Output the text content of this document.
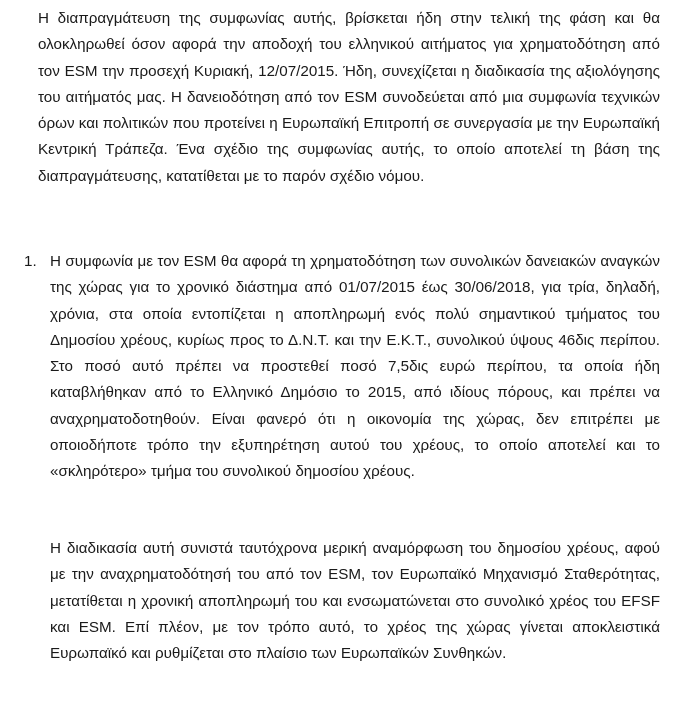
Η διαπραγμάτευση της συμφωνίας αυτής, βρίσκεται ήδη στην τελική της φάση και θα ολοκληρωθεί όσον αφορά την αποδοχή του ελληνικού αιτήματος για χρηματοδότηση από τον ESM την προσεχή Κυριακή, 12/07/2015. Ήδη, συνεχίζεται η διαδικασία της αξιολόγησης του αιτήματός μας. Η δανειοδότηση από τον ESM συνοδεύεται από μια συμφωνία τεχνικών όρων και πολιτικών που προτείνει η Ευρωπαϊκή Επιτροπή σε συνεργασία με την Ευρωπαϊκή Κεντρική Τράπεζα. Ένα σχέδιο της συμφωνίας αυτής, το οποίο αποτελεί τη βάση της διαπραγμάτευσης, κατατίθεται με το παρόν σχέδιο νόμου.

1. Η συμφωνία με τον ESM θα αφορά τη χρηματοδότηση των συνολικών δανειακών αναγκών της χώρας για το χρονικό διάστημα από 01/07/2015 έως 30/06/2018, για τρία, δηλαδή, χρόνια, στα οποία εντοπίζεται η αποπληρωμή ενός πολύ σημαντικού τμήματος του Δημοσίου χρέους, κυρίως προς το Δ.Ν.Τ. και την Ε.Κ.Τ., συνολικού ύψους 46δις περίπου. Στο ποσό αυτό πρέπει να προστεθεί ποσό 7,5δις ευρώ περίπου, τα οποία ήδη καταβλήθηκαν από το Ελληνικό Δημόσιο το 2015, από ιδίους πόρους, και πρέπει να αναχρηματοδοτηθούν. Είναι φανερό ότι η οικονομία της χώρας, δεν επιτρέπει με οποιοδήποτε τρόπο την εξυπηρέτηση αυτού του χρέους, το οποίο αποτελεί και το «σκληρότερο» τμήμα του συνολικού δημοσίου χρέους.

Η διαδικασία αυτή συνιστά ταυτόχρονα μερική αναμόρφωση του δημοσίου χρέους, αφού με την αναχρηματοδότησή του από τον ESM, τον Ευρωπαϊκό Μηχανισμό Σταθερότητας, μετατίθεται η χρονική αποπληρωμή του και ενσωματώνεται στο συνολικό χρέος του EFSF και ESM. Επί πλέον, με τον τρόπο αυτό, το χρέος της χώρας γίνεται αποκλειστικά Ευρωπαϊκό και ρυθμίζεται στο πλαίσιο των Ευρωπαϊκών Συνθηκών.
